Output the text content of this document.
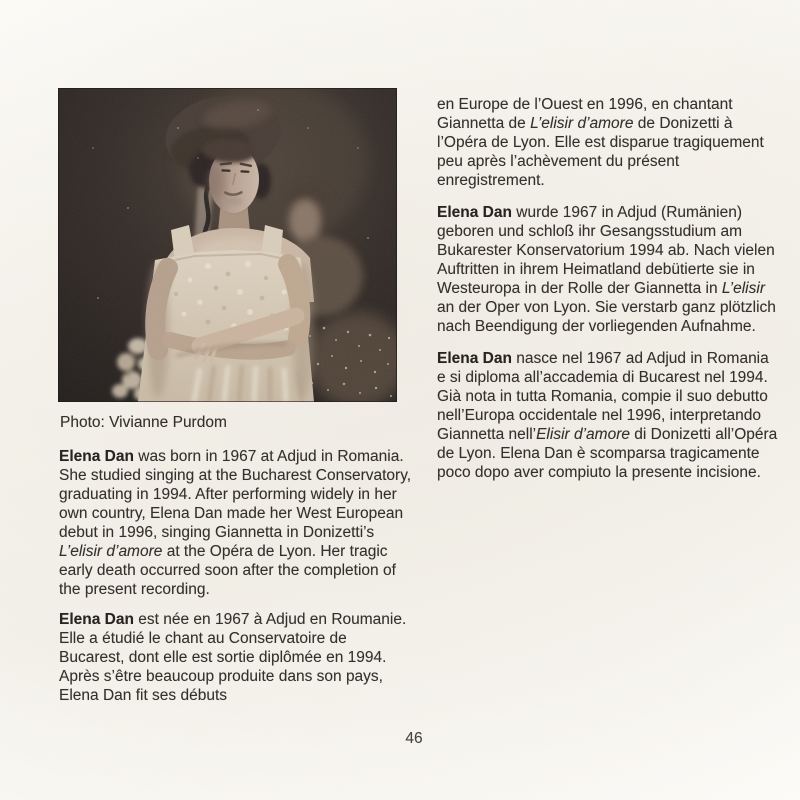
Photo: Vivianne Purdom

Elena Dan was born in 1967 at Adjud in Romania. She studied singing at the Bucharest Conservatory, graduating in 1994. After performing widely in her own country, Elena Dan made her West European debut in 1996, singing Giannetta in Donizetti’s L’elisir d’amore at the Opéra de Lyon. Her tragic early death occurred soon after the completion of the present recording.

Elena Dan est née en 1967 à Adjud en Roumanie. Elle a étudié le chant au Conservatoire de Bucarest, dont elle est sortie diplômée en 1994. Après s’être beaucoup produite dans son pays, Elena Dan fit ses débuts

en Europe de l’Ouest en 1996, en chantant Giannetta de L’elisir d’amore de Donizetti à l’Opéra de Lyon. Elle est disparue tragiquement peu après l’achèvement du présent enregistrement.

Elena Dan wurde 1967 in Adjud (Rumänien) geboren und schloß ihr Gesangsstudium am Bukarester Konservatorium 1994 ab. Nach vielen Auftritten in ihrem Heimatland debütierte sie in Westeuropa in der Rolle der Giannetta in L’elisir an der Oper von Lyon. Sie verstarb ganz plötzlich nach Beendigung der vorliegenden Aufnahme.

Elena Dan nasce nel 1967 ad Adjud in Romania e si diploma all’accademia di Bucarest nel 1994. Già nota in tutta Romania, compie il suo debutto nell’Europa occidentale nel 1996, interpretando Giannetta nell’Elisir d’amore di Donizetti all’Opéra de Lyon. Elena Dan è scomparsa tragicamente poco dopo aver compiuto la presente incisione.

46
